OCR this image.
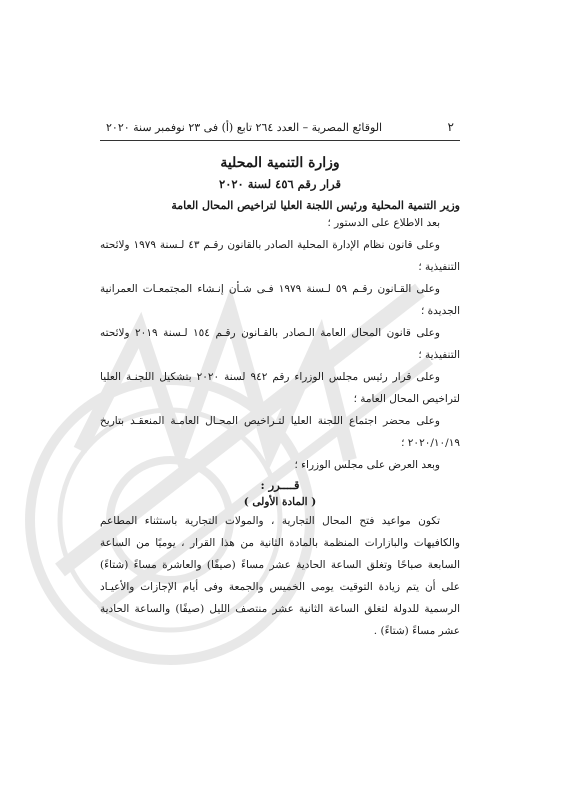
٢
الوقائع المصرية – العدد ٢٦٤ تابع (أ) فى ٢٣ نوفمبر سنة ٢٠٢٠
وزارة التنمية المحلية
قرار رقم ٤٥٦ لسنة ٢٠٢٠
وزير التنمية المحلية ورئيس اللجنة العليا لتراخيص المحال العامة

بعد الاطلاع على الدستور ؛

وعلى قانون نظام الإدارة المحلية الصادر بالقانون رقـم ٤٣ لـسنة ١٩٧٩ ولائحته التنفيذية ؛

وعلى القـانون رقـم ٥٩ لـسنة ١٩٧٩ فـى شـأن إنـشاء المجتمعـات العمرانية الجديدة ؛

وعلى قانون المحال العامة الـصادر بالقـانون رقـم ١٥٤ لـسنة ٢٠١٩ ولائحته التنفيذية ؛

وعلى قرار رئيس مجلس الوزراء رقم ٩٤٢ لسنة ٢٠٢٠ بتشكيل اللجنـة العليا لتراخيص المحال العامة ؛

وعلى محضر اجتماع اللجنة العليا لتـراخيص المحـال العامـة المنعقـد بتاريخ ٢٠٢٠/١٠/١٩ ؛

وبعد العرض على مجلس الوزراء ؛

قــــرر :
( المادة الأولى )

تكون مواعيد فتح المحال التجارية ، والمولات التجارية باستثناء المطاعم والكافيهات والبازارات المنظمة بالمادة الثانية من هذا القرار ، يوميًا من الساعة السابعة صباحًا وتغلق الساعة الحادية عشر مساءً (صيفًا) والعاشرة مساءً (شتاءً) على أن يتم زيادة التوقيت يومى الخميس والجمعة وفى أيام الإجازات والأعيـاد الرسمية للدولة لتغلق الساعة الثانية عشر منتصف الليل (صيفًا) والساعة الحادية عشر مساءً (شتاءً) .
